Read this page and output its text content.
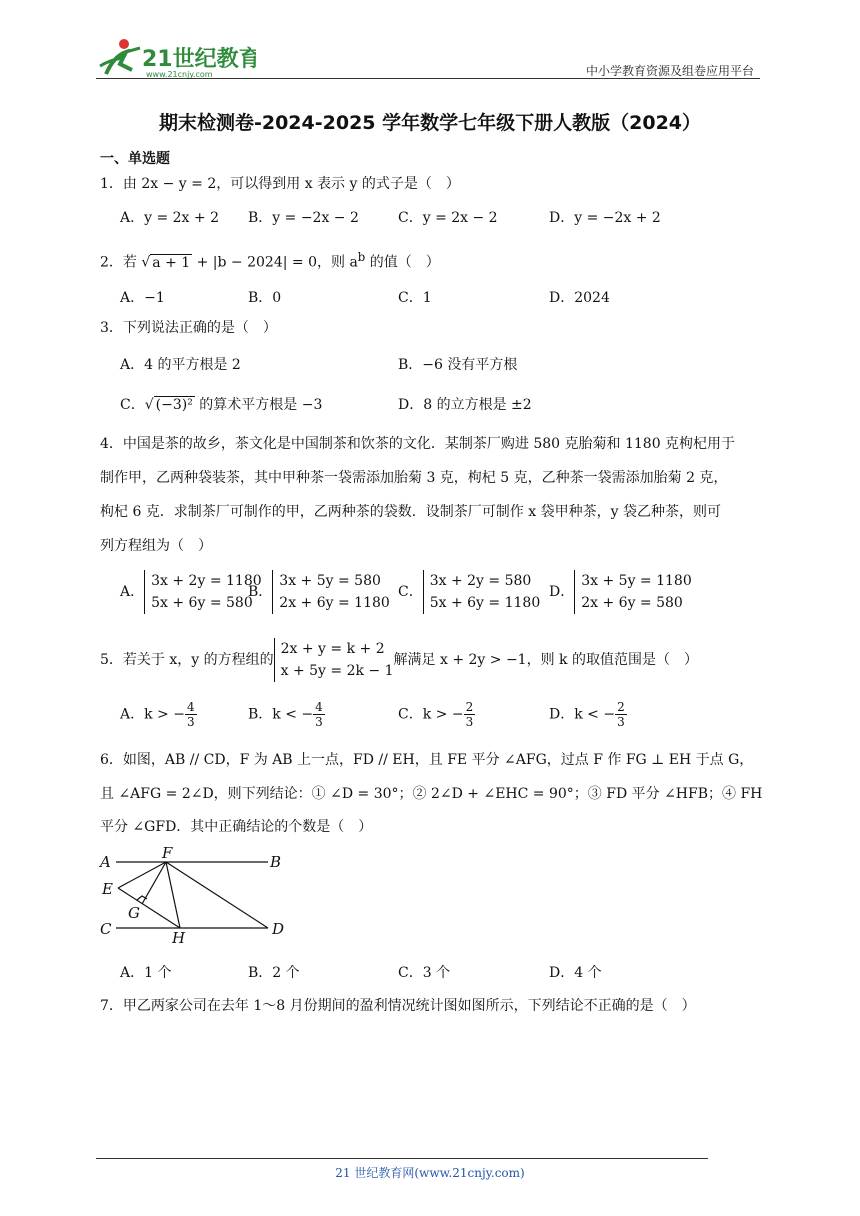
21世纪教育
www.21cnjy.com	中小学教育资源及组卷应用平台
期末检测卷-2024-2025 学年数学七年级下册人教版（2024）
一、单选题
1．由 2x − y = 2，可以得到用 x 表示 y 的式子是（　）
A．y = 2x + 2 B．y = −2x − 2	C．y = 2x − 2	D．y = −2x + 2
2．若 √ a + 1 + |b − 2024| = 0，则 $a^b$ 的值（　）
A．−1	B．0	C．1	D．2024
3．下列说法正确的是（　）
A．4 的平方根是 2	B．−6 没有平方根
C．√ (−3)² 的算术平方根是 −3	D．8 的立方根是 ±2
4．中国是茶的故乡，茶文化是中国制茶和饮茶的文化．某制茶厂购进 580 克胎菊和 1180 克枸杞用于
制作甲，乙两种袋装茶，其中甲种茶一袋需添加胎菊 3 克，枸杞 5 克，乙种茶一袋需添加胎菊 2 克，
枸杞 6 克．求制茶厂可制作的甲，乙两种茶的袋数．设制茶厂可制作 x 袋甲种茶，y 袋乙种茶，则可
列方程组为（　）
A．3x + 2y = 1180
5x + 6y = 580
B．3x + 5y = 580
2x + 6y = 1180
C．3x + 2y = 580
5x + 6y = 1180
D．3x + 5y = 1180
2x + 6y = 580
5．若关于 x，y 的方程组的2x + y = k + 2
x + 5y = 2k − 1解满足 x + 2y > −1，则 k 的取值范围是（　）
A．k > − $\frac{4}{3}$	B．k < − $\frac{4}{3}$	C．k > − $\frac{2}{3}$	D．k < − $\frac{2}{3}$
6．如图，AB // CD，F 为 AB 上一点，FD // EH，且 FE 平分 ∠AFG，过点 F 作 FG ⊥ EH 于点 G，
且 ∠AFG = 2∠D，则下列结论：① ∠D = 30°；② 2∠D + ∠EHC = 90°；③ FD 平分 ∠HFB；④ FH
平分 ∠GFD．其中正确结论的个数是（　）
A	B
C	D
E
F
G
H
A．1 个	B．2 个	C．3 个	D．4 个
7．甲乙两家公司在去年 1～8 月份期间的盈利情况统计图如图所示，下列结论不正确的是（　）
21 世纪教育网(www.21cnjy.com)
